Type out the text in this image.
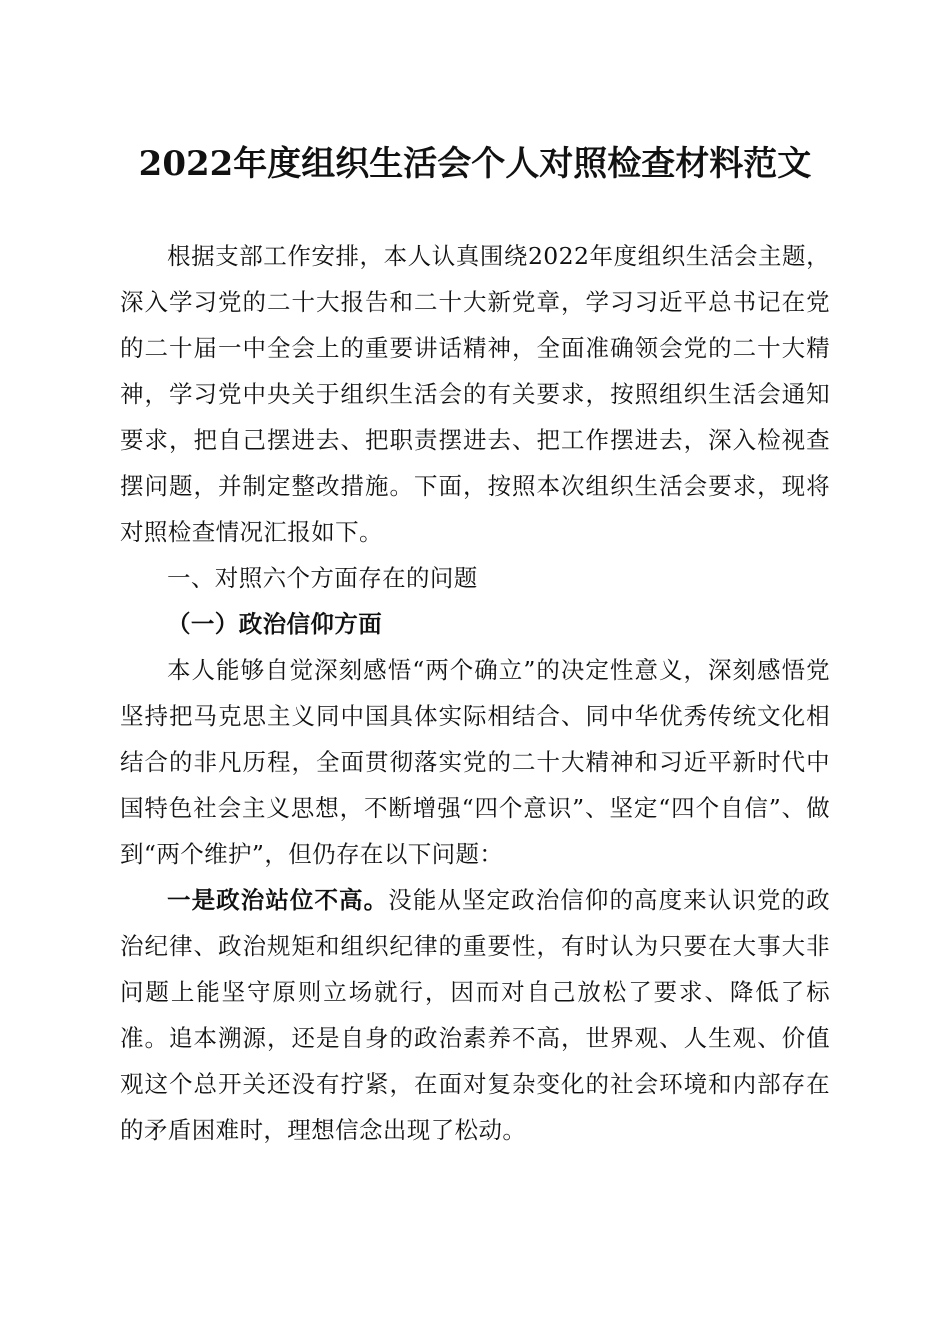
2022年度组织生活会个人对照检查材料范文

根据支部工作安排，本人认真围绕2022年度组织生活会主题，深入学习党的二十大报告和二十大新党章，学习习近平总书记在党的二十届一中全会上的重要讲话精神，全面准确领会党的二十大精神，学习党中央关于组织生活会的有关要求，按照组织生活会通知要求，把自己摆进去、把职责摆进去、把工作摆进去，深入检视查摆问题，并制定整改措施。下面，按照本次组织生活会要求，现将对照检查情况汇报如下。

一、对照六个方面存在的问题

（一）政治信仰方面

本人能够自觉深刻感悟“两个确立”的决定性意义，深刻感悟党坚持把马克思主义同中国具体实际相结合、同中华优秀传统文化相结合的非凡历程，全面贯彻落实党的二十大精神和习近平新时代中国特色社会主义思想，不断增强“四个意识”、坚定“四个自信”、做到“两个维护”，但仍存在以下问题：

一是政治站位不高。没能从坚定政治信仰的高度来认识党的政治纪律、政治规矩和组织纪律的重要性，有时认为只要在大事大非问题上能坚守原则立场就行，因而对自己放松了要求、降低了标准。追本溯源，还是自身的政治素养不高，世界观、人生观、价值观这个总开关还没有拧紧，在面对复杂变化的社会环境和内部存在的矛盾困难时，理想信念出现了松动。
